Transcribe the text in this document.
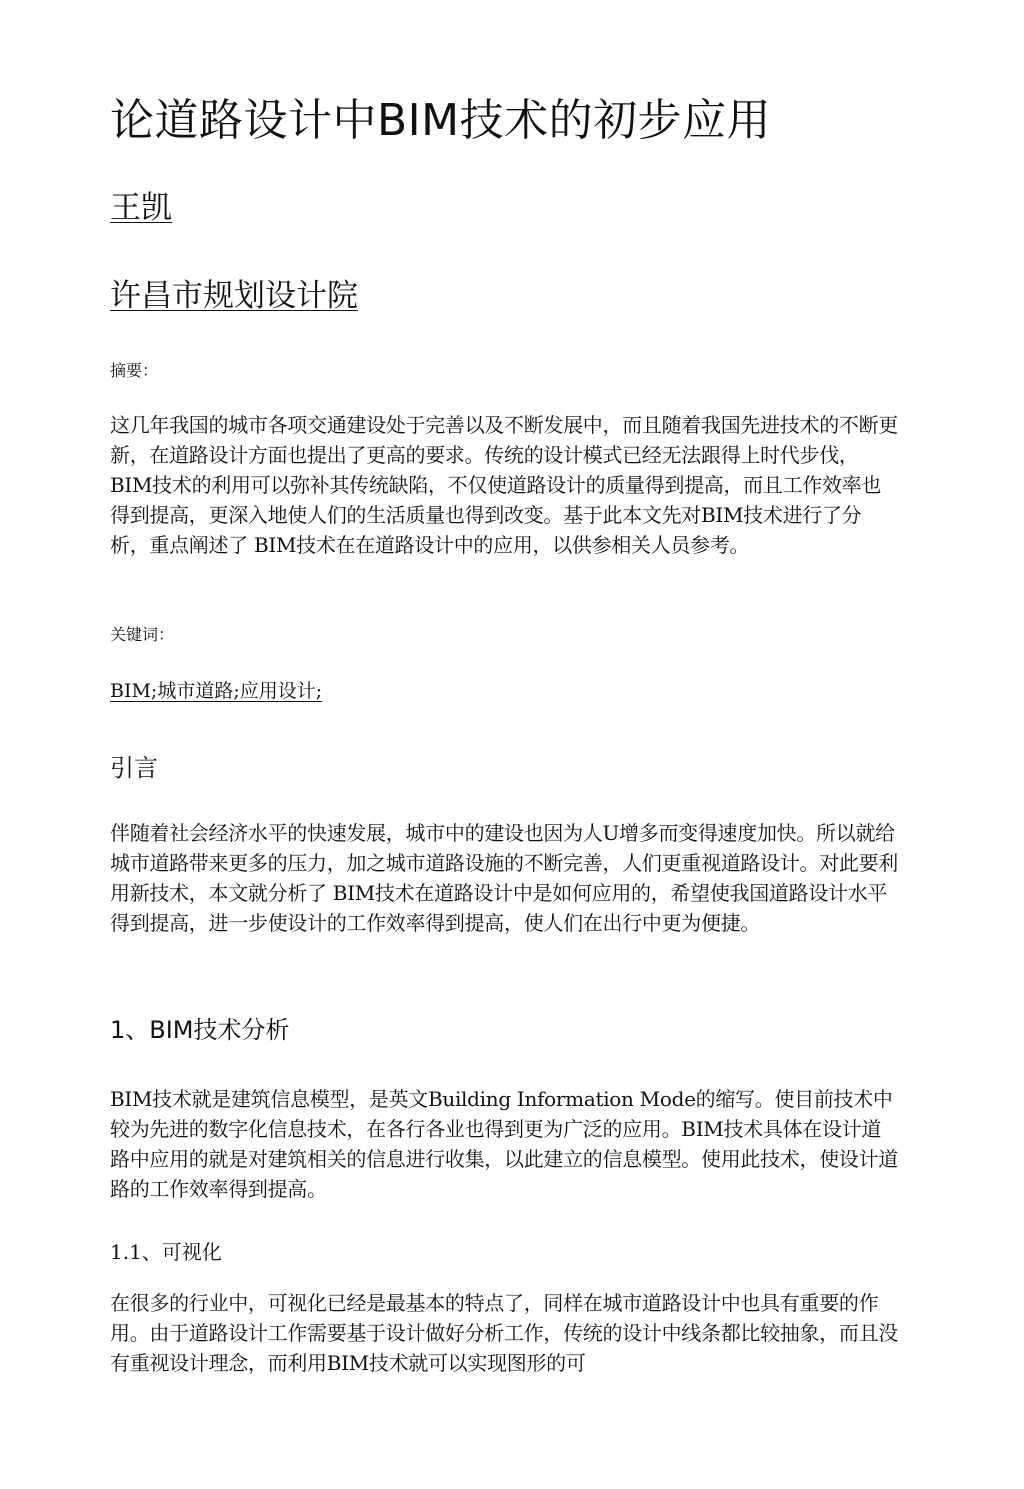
论道路设计中BIM技术的初步应用

王凯

许昌市规划设计院

摘要：

这几年我国的城市各项交通建设处于完善以及不断发展中，而且随着我国先进技术的不断更新，在道路设计方面也提出了更高的要求。传统的设计模式已经无法跟得上时代步伐，BIM技术的利用可以弥补其传统缺陷，不仅使道路设计的质量得到提高，而且工作效率也得到提高，更深入地使人们的生活质量也得到改变。基于此本文先对BIM技术进行了分析，重点阐述了 BIM技术在在道路设计中的应用，以供参相关人员参考。

关键词：

BIM;城市道路;应用设计;

引言

伴随着社会经济水平的快速发展，城市中的建设也因为人U增多而变得速度加快。所以就给城市道路带来更多的压力，加之城市道路设施的不断完善，人们更重视道路设计。对此要利用新技术，本文就分析了 BIM技术在道路设计中是如何应用的，希望使我国道路设计水平得到提高，进一步使设计的工作效率得到提高，使人们在出行中更为便捷。

1、BIM技术分析

BIM技术就是建筑信息模型，是英文Building Information Mode的缩写。使目前技术中较为先进的数字化信息技术，在各行各业也得到更为广泛的应用。BIM技术具体在设计道路中应用的就是对建筑相关的信息进行收集，以此建立的信息模型。使用此技术，使设计道路的工作效率得到提高。

1.1、可视化

在很多的行业中，可视化已经是最基本的特点了，同样在城市道路设计中也具有重要的作用。由于道路设计工作需要基于设计做好分析工作，传统的设计中线条都比较抽象，而且没有重视设计理念，而利用BIM技术就可以实现图形的可
